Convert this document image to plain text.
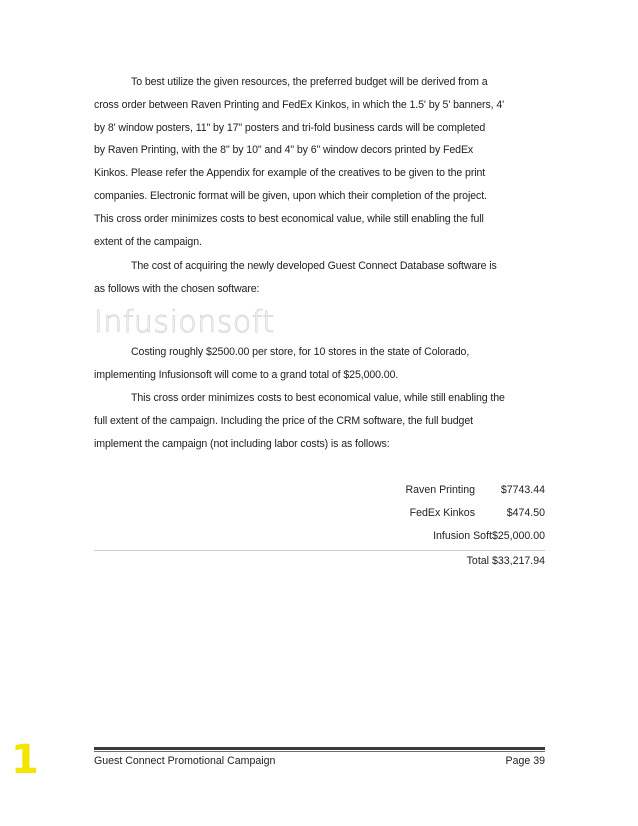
To best utilize the given resources, the preferred budget will be derived from a
cross order between Raven Printing and FedEx Kinkos, in which the 1.5' by 5' banners, 4'
by 8' window posters, 11" by 17" posters and tri-fold business cards will be completed
by Raven Printing, with the 8" by 10" and 4" by 6" window decors printed by FedEx
Kinkos. Please refer the Appendix for example of the creatives to be given to the print
companies. Electronic format will be given, upon which their completion of the project.
This cross order minimizes costs to best economical value, while still enabling the full
extent of the campaign.

The cost of acquiring the newly developed Guest Connect Database software is
as follows with the chosen software:

Infusionsoft

Costing roughly $2500.00 per store, for 10 stores in the state of Colorado,
implementing Infusionsoft will come to a grand total of $25,000.00.

This cross order minimizes costs to best economical value, while still enabling the
full extent of the campaign. Including the price of the CRM software, the full budget
implement the campaign (not including labor costs) is as follows:

Raven Printing	$7743.44
FedEx Kinkos	$474.50
Infusion Soft $25,000.00
Total $33,217.94
Guest Connect Promotional Campaign	Page 39
1
